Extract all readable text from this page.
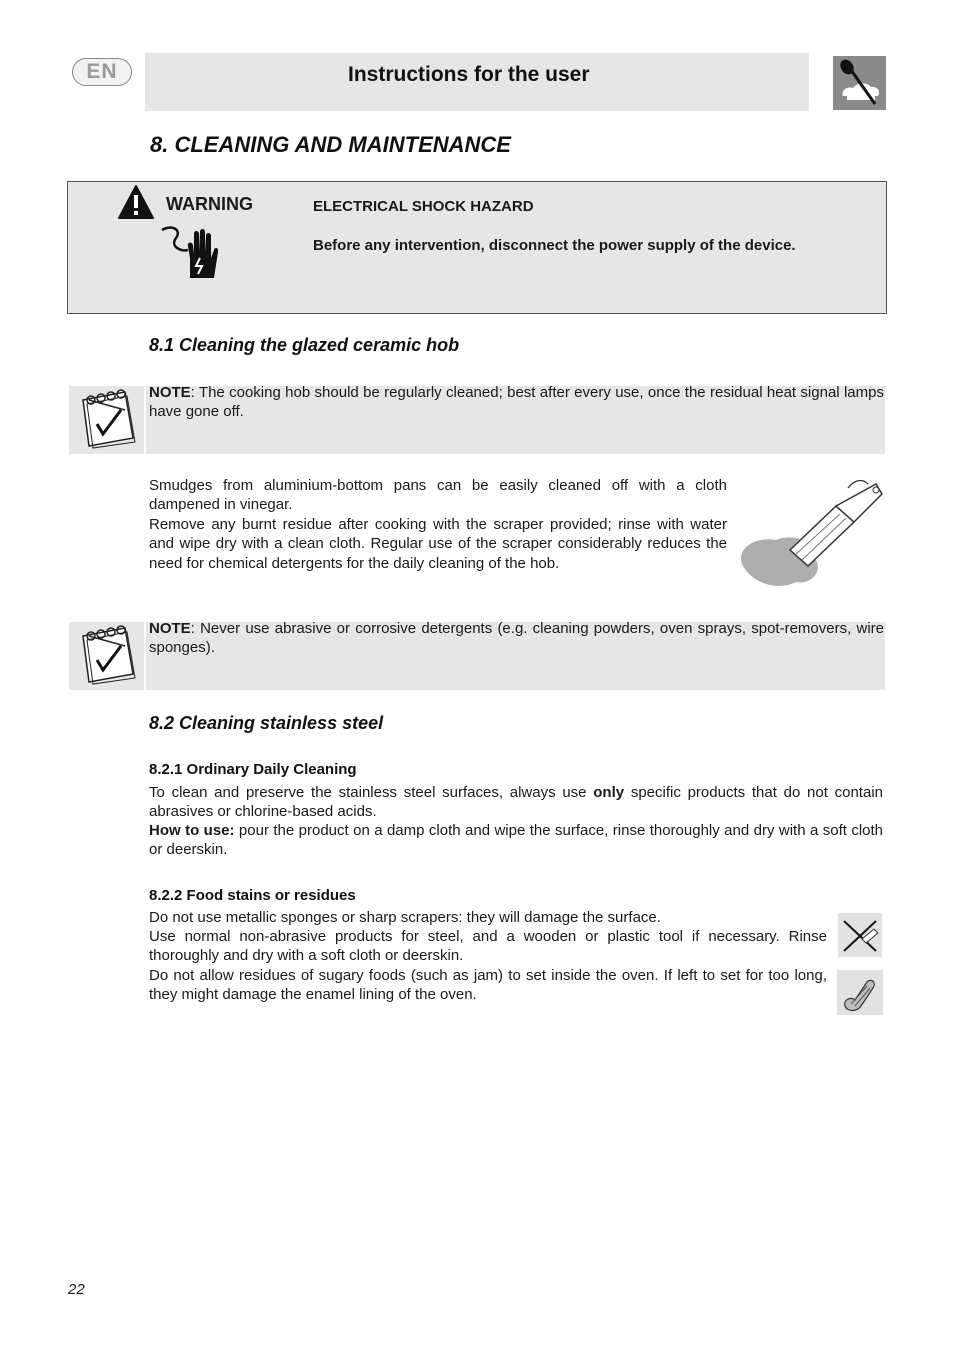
EN	Instructions for the user
8. CLEANING AND MAINTENANCE
WARNING	ELECTRICAL SHOCK HAZARD
Before any intervention, disconnect the power supply of the device.
8.1 Cleaning the glazed ceramic hob
NOTE: The cooking hob should be regularly cleaned; best after every use, once the residual heat signal lamps have gone off.
Smudges from aluminium-bottom pans can be easily cleaned off with a cloth dampened in vinegar.
Remove any burnt residue after cooking with the scraper provided; rinse with water and wipe dry with a clean cloth. Regular use of the scraper considerably reduces the need for chemical detergents for the daily cleaning of the hob.
NOTE: Never use abrasive or corrosive detergents (e.g. cleaning powders, oven sprays, spot-removers, wire sponges).
8.2 Cleaning stainless steel
8.2.1 Ordinary Daily Cleaning
To clean and preserve the stainless steel surfaces, always use only specific products that do not contain abrasives or chlorine-based acids.
How to use: pour the product on a damp cloth and wipe the surface, rinse thoroughly and dry with a soft cloth or deerskin.
8.2.2 Food stains or residues
Do not use metallic sponges or sharp scrapers: they will damage the surface.
Use normal non-abrasive products for steel, and a wooden or plastic tool if necessary. Rinse thoroughly and dry with a soft cloth or deerskin.
Do not allow residues of sugary foods (such as jam) to set inside the oven. If left to set for too long, they might damage the enamel lining of the oven.
22
